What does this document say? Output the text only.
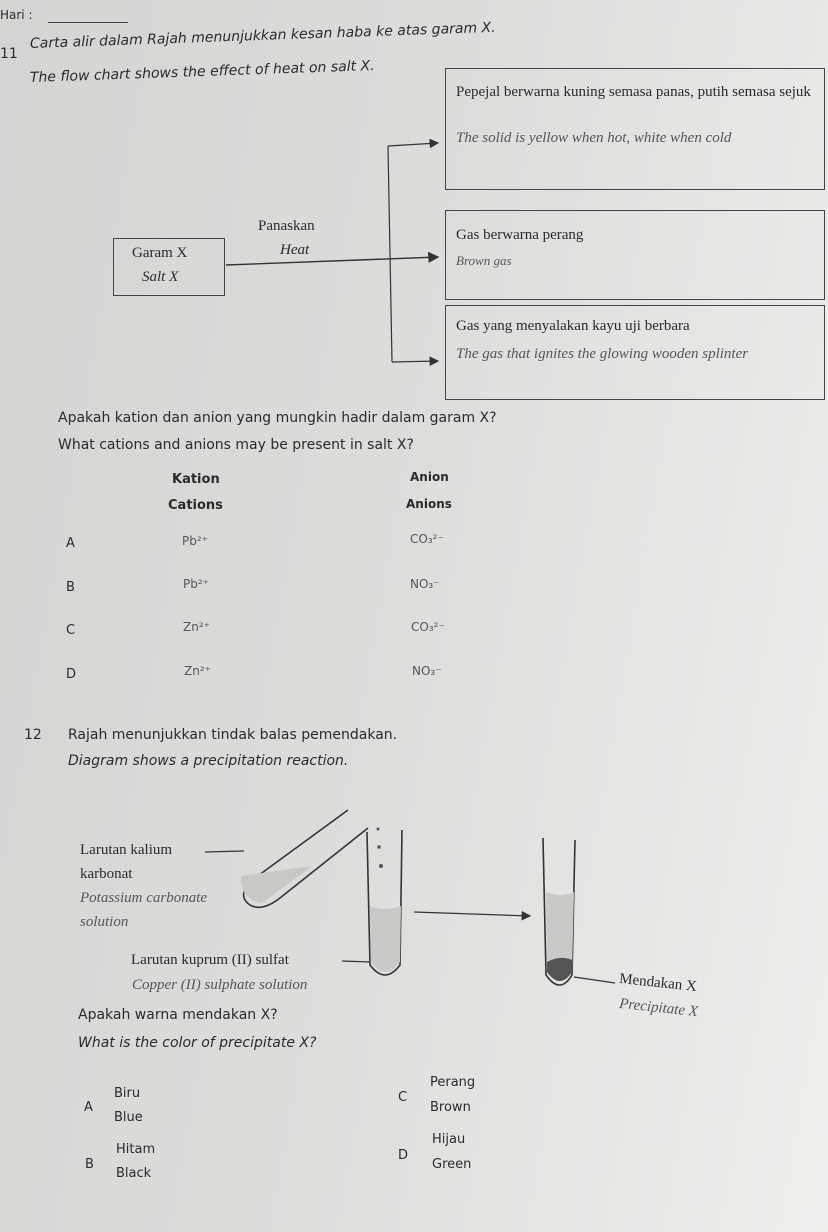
Hari :
11
Carta alir dalam Rajah menunjukkan kesan haba ke atas garam X.
The flow chart shows the effect of heat on salt X.
Garam X
Salt X
Panaskan
Heat
Pepejal berwarna kuning semasa panas, putih semasa sejuk
The solid is yellow when hot, white when cold
Gas berwarna perang
Brown gas
Gas yang menyalakan kayu uji berbara
The gas that ignites the glowing wooden splinter
Apakah kation dan anion yang mungkin hadir dalam garam X?
What cations and anions may be present in salt X?
Kation
Cations
Anion
Anions
A	Pb²⁺	CO₃²⁻
B	Pb²⁺	NO₃⁻
C	Zn²⁺	CO₃²⁻
D	Zn²⁺	NO₃⁻
12 Rajah menunjukkan tindak balas pemendakan.
Diagram shows a precipitation reaction.
Larutan kalium
karbonat
Potassium carbonate
solution
Larutan kuprum (II) sulfat
Copper (II) sulphate solution	Mendakan X
Precipitate X
Apakah warna mendakan X?
What is the color of precipitate X?
A
Biru
Blue
B
Hitam
Black
C
Perang
Brown
D
Hijau
Green
